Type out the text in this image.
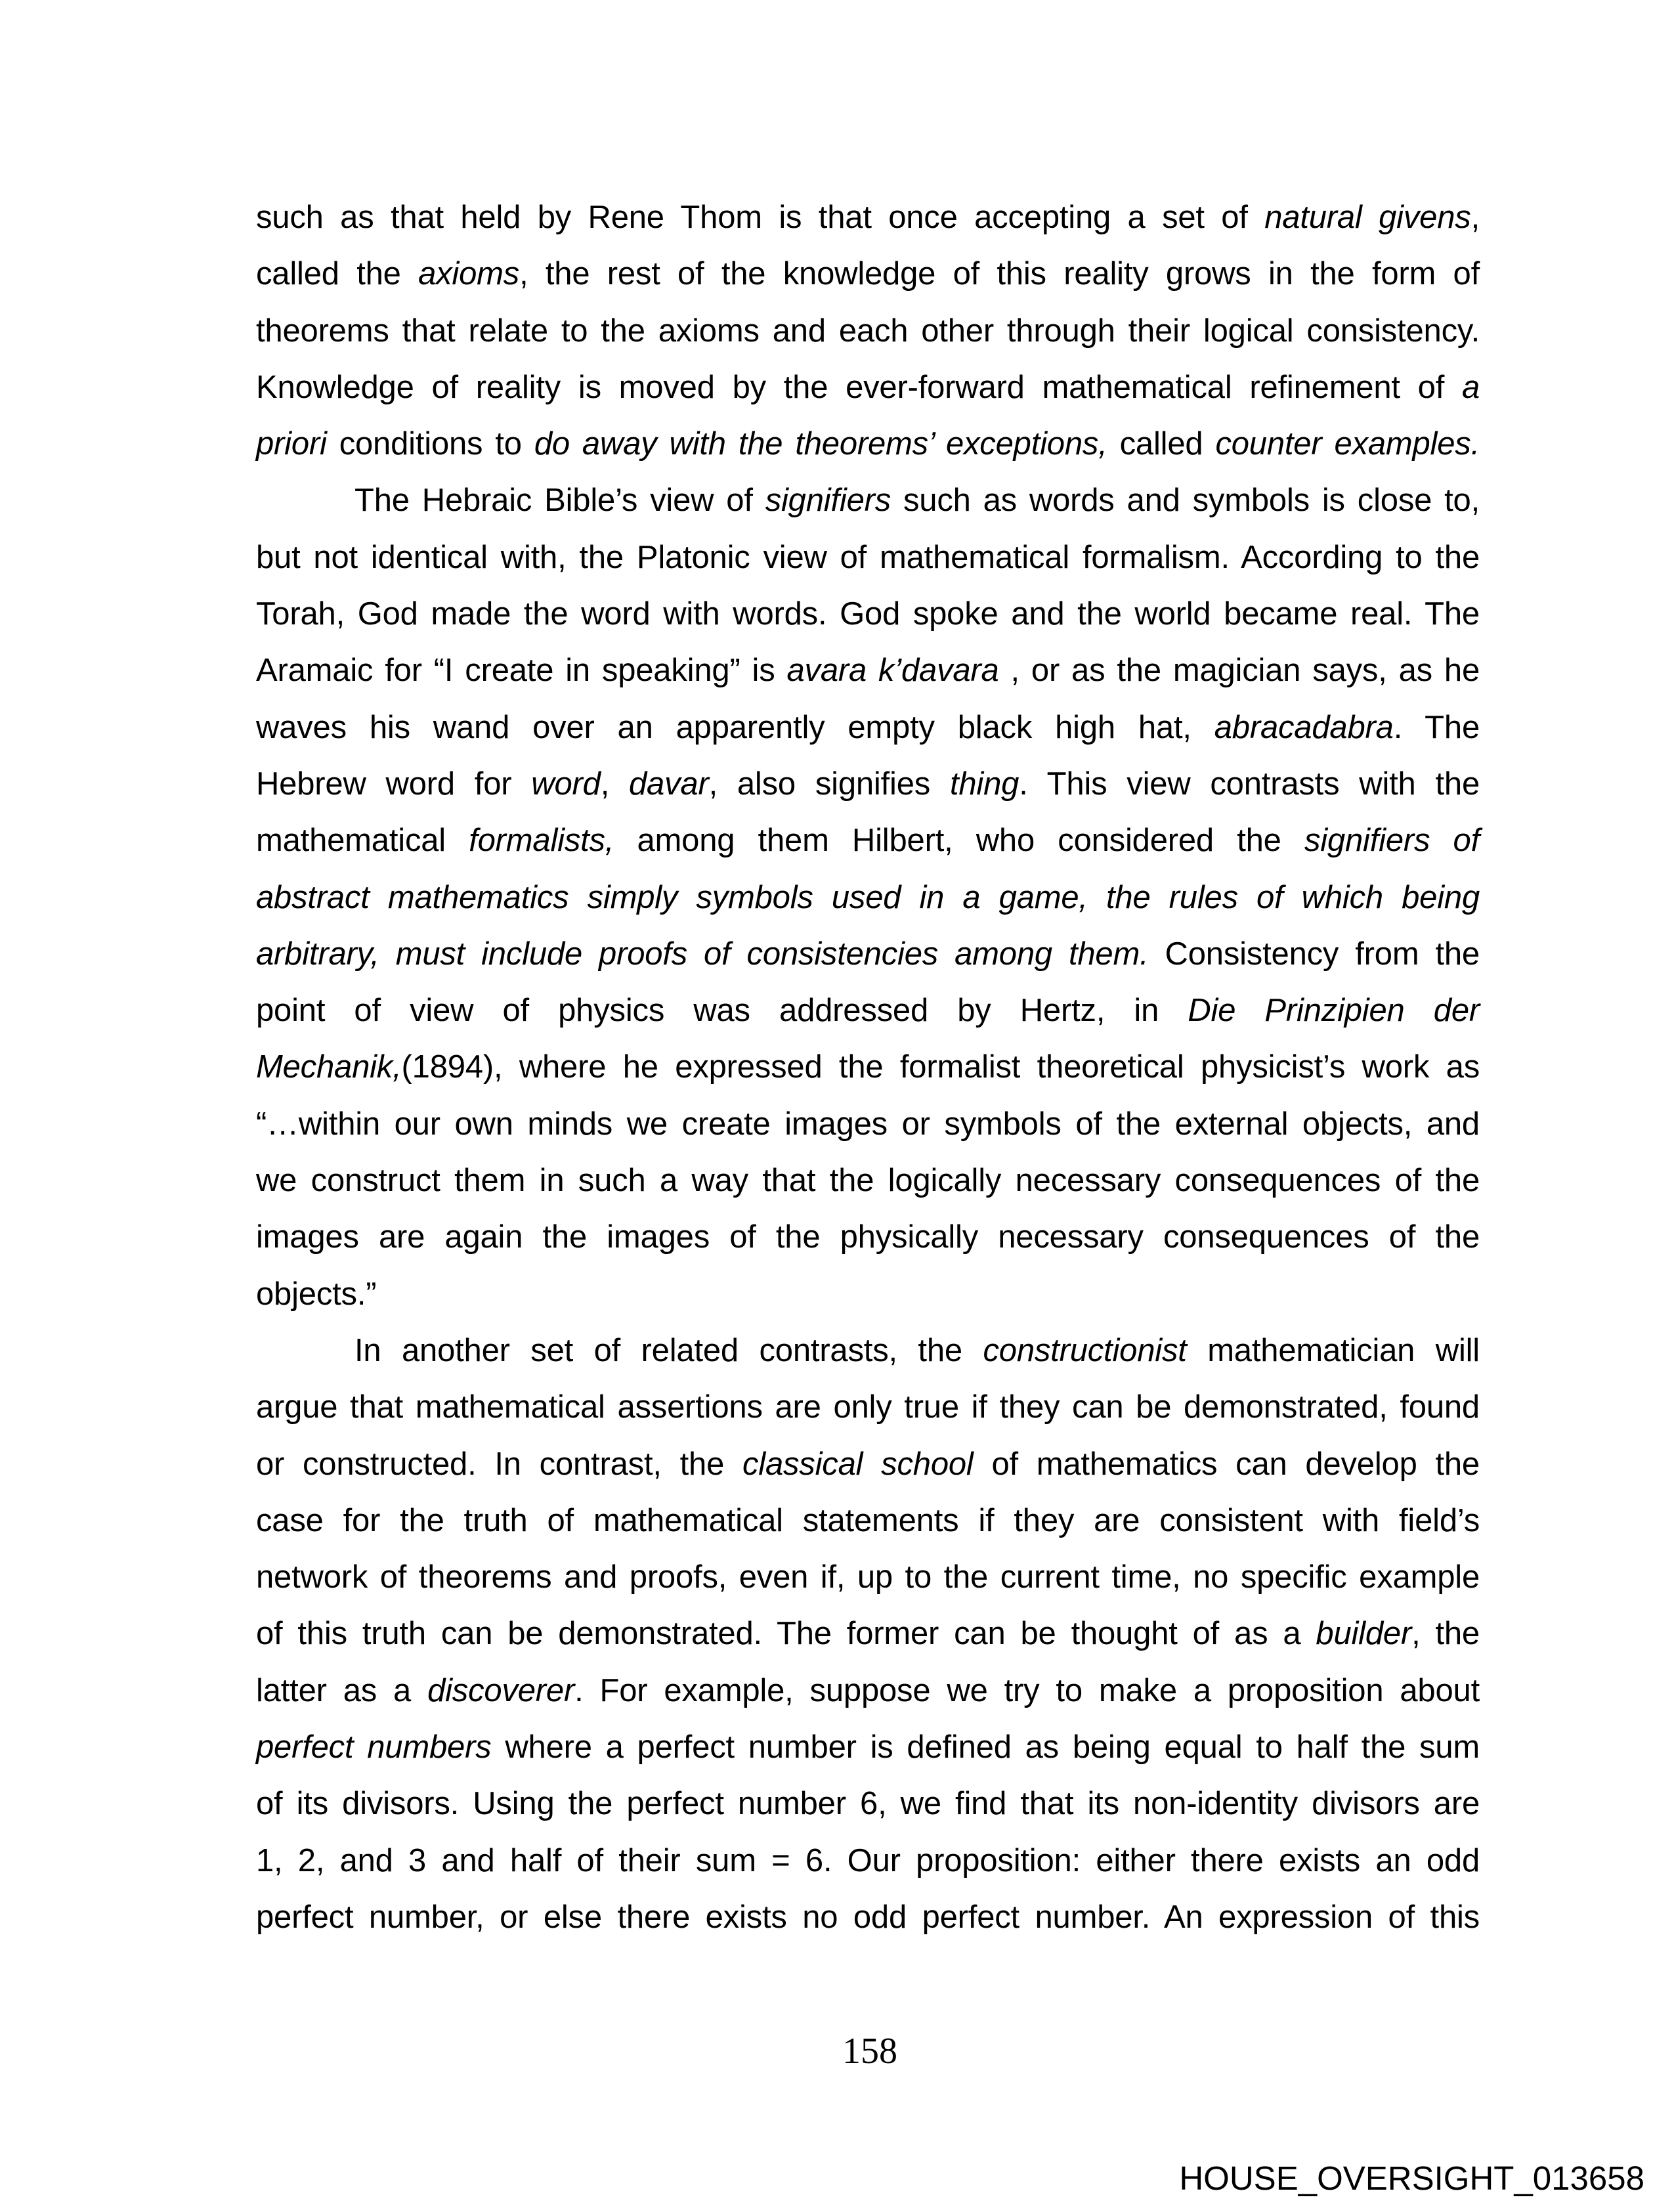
such as that held by Rene Thom is that once accepting a set of natural givens,
called the axioms, the rest of the knowledge of this reality grows in the form of
theorems that relate to the axioms and each other through their logical consistency.
Knowledge of reality is moved by the ever-forward mathematical refinement of a
priori conditions to do away with the theorems’ exceptions, called counter examples.
The Hebraic Bible’s view of signifiers such as words and symbols is close to,
but not identical with, the Platonic view of mathematical formalism. According to the
Torah, God made the word with words. God spoke and the world became real. The
Aramaic for “I create in speaking” is avara k’davara , or as the magician says, as he
waves his wand over an apparently empty black high hat, abracadabra. The
Hebrew word for word, davar, also signifies thing. This view contrasts with the
mathematical formalists, among them Hilbert, who considered the signifiers of
abstract mathematics simply symbols used in a game, the rules of which being
arbitrary, must include proofs of consistencies among them. Consistency from the
point of view of physics was addressed by Hertz, in Die Prinzipien der
Mechanik,(1894), where he expressed the formalist theoretical physicist’s work as
“…within our own minds we create images or symbols of the external objects, and
we construct them in such a way that the logically necessary consequences of the
images are again the images of the physically necessary consequences of the
objects.”
In another set of related contrasts, the constructionist mathematician will
argue that mathematical assertions are only true if they can be demonstrated, found
or constructed. In contrast, the classical school of mathematics can develop the
case for the truth of mathematical statements if they are consistent with field’s
network of theorems and proofs, even if, up to the current time, no specific example
of this truth can be demonstrated. The former can be thought of as a builder, the
latter as a discoverer. For example, suppose we try to make a proposition about
perfect numbers where a perfect number is defined as being equal to half the sum
of its divisors. Using the perfect number 6, we find that its non-identity divisors are
1, 2, and 3 and half of their sum = 6. Our proposition: either there exists an odd
perfect number, or else there exists no odd perfect number. An expression of this
158
HOUSE_OVERSIGHT_013658
